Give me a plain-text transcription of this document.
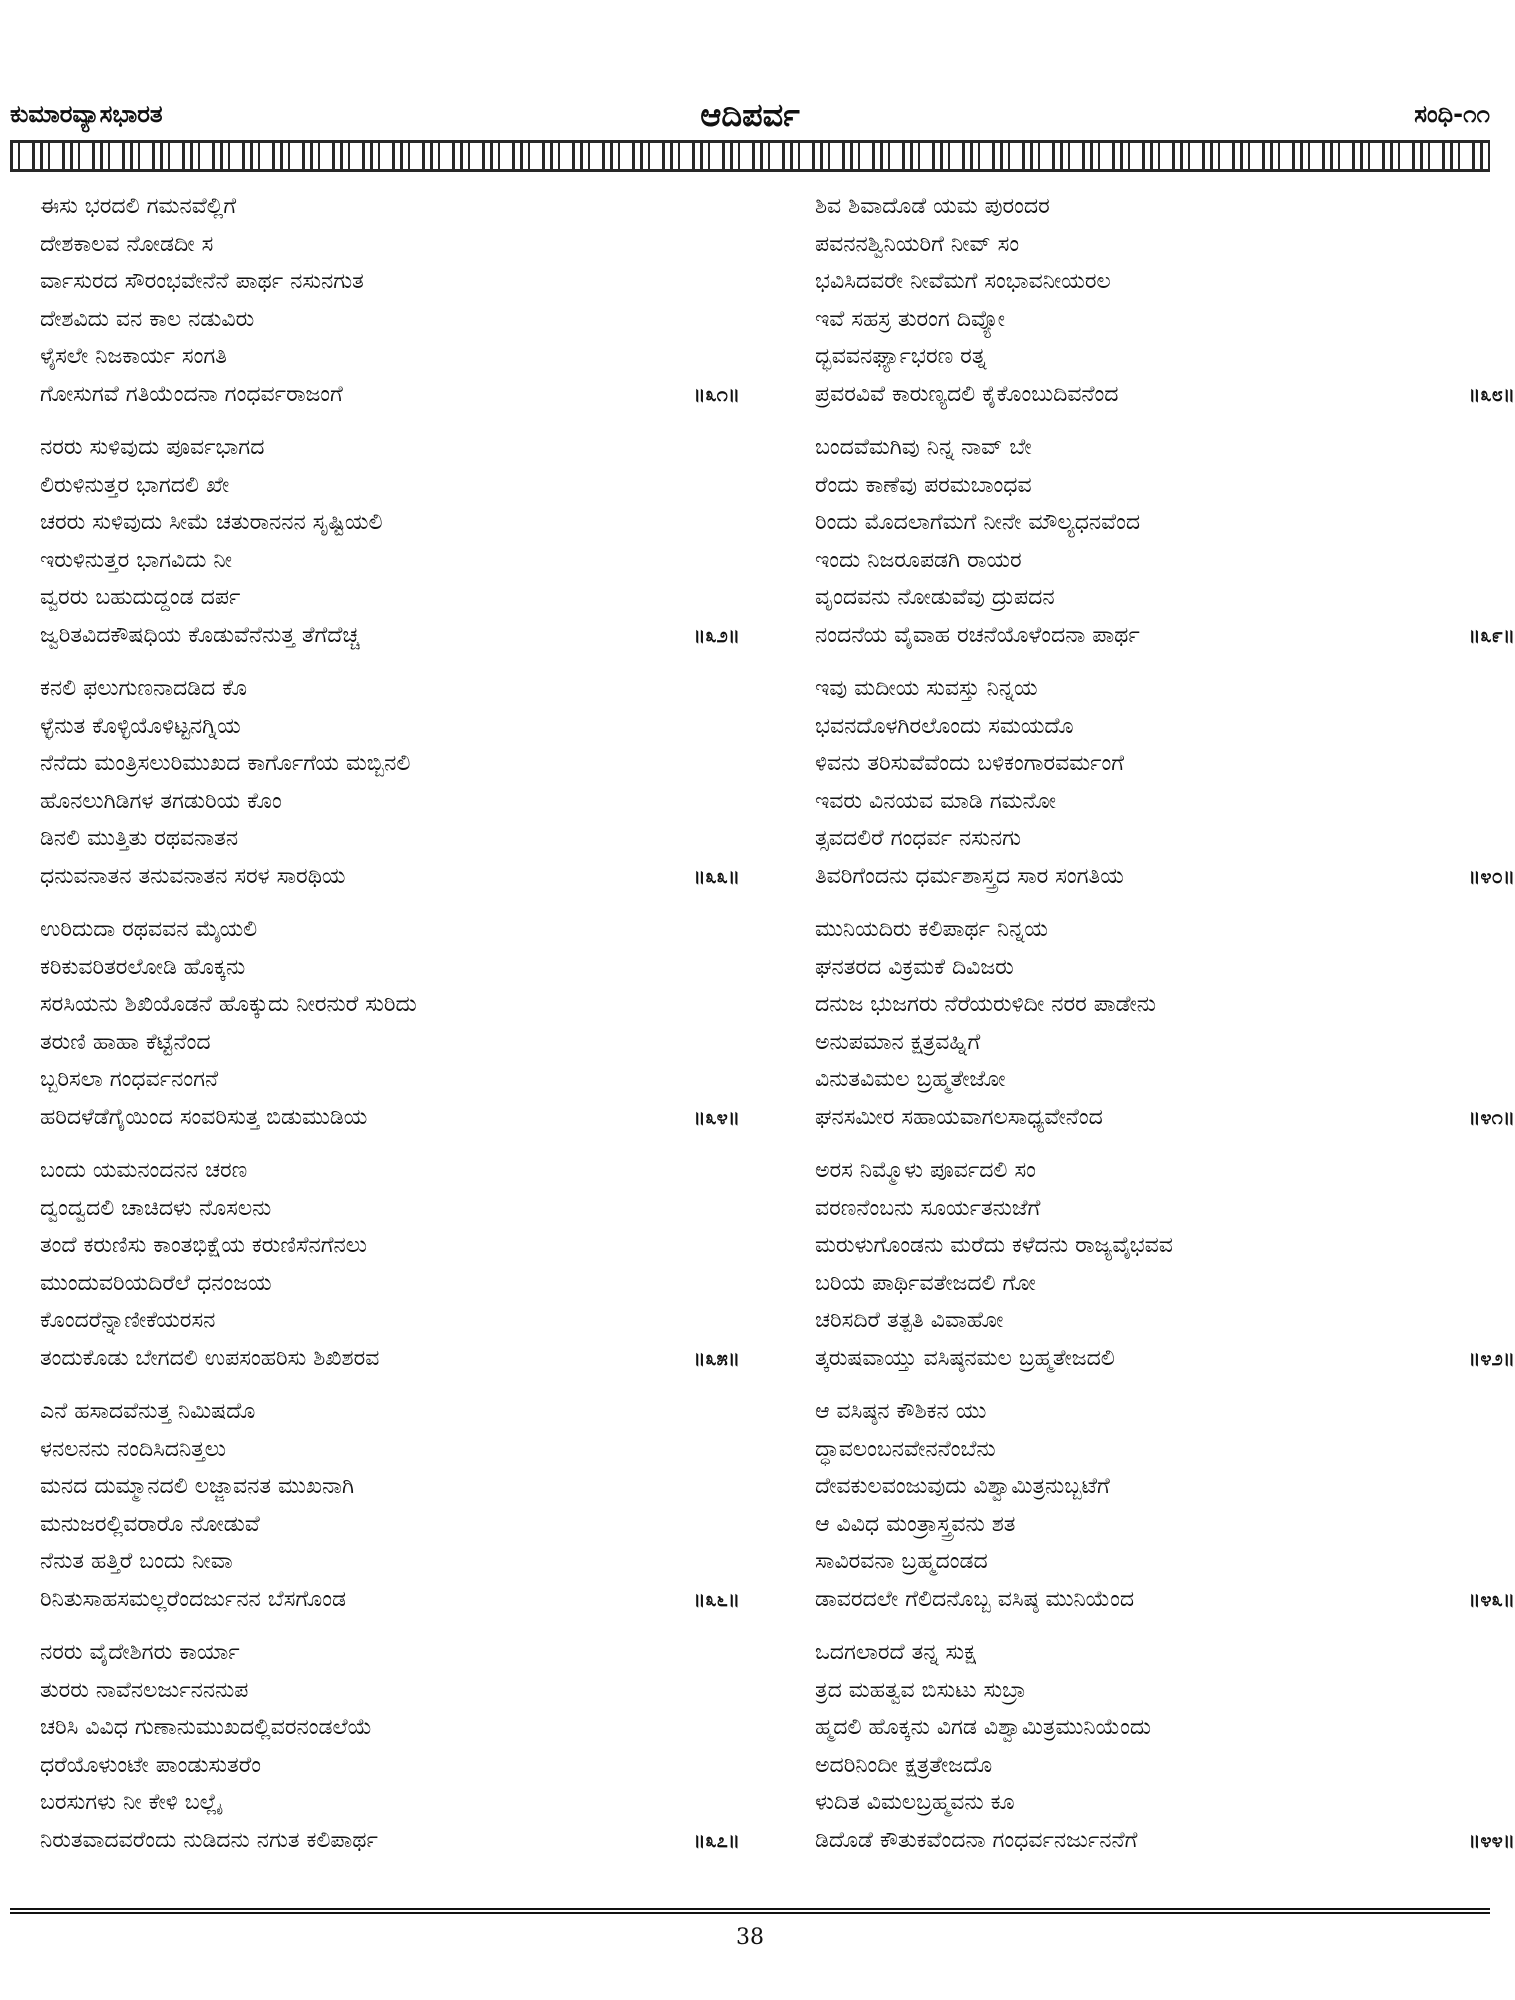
ಕುಮಾರವ್ಯಾಸಭಾರತ	ಆದಿಪರ್ವ	ಸಂಧಿ-೧೧
ಈಸು ಭರದಲಿ ಗಮನವೆಲ್ಲಿಗೆ
ದೇಶಕಾಲವ ನೋಡದೀ ಸ
ರ್ವಾಸುರದ ಸೌರಂಭವೇನೆನೆ ಪಾರ್ಥ ನಸುನಗುತ
ದೇಶವಿದು ವನ ಕಾಲ ನಡುವಿರು
ಳೈಸಲೇ ನಿಜಕಾರ್ಯ ಸಂಗತಿ
ಗೋಸುಗವೆ ಗತಿಯೆಂದನಾ ಗಂಧರ್ವರಾಜಂಗೆ	॥೩೧॥
ನರರು ಸುಳಿವುದು ಪೂರ್ವಭಾಗದ
ಲಿರುಳಿನುತ್ತರ ಭಾಗದಲಿ ಖೇ
ಚರರು ಸುಳಿವುದು ಸೀಮೆ ಚತುರಾನನನ ಸೃಷ್ಟಿಯಲಿ
ಇರುಳಿನುತ್ತರ ಭಾಗವಿದು ನೀ
ವ್ವರರು ಬಹುದುದ್ದಂಡ ದರ್ಪ
ಜ್ವರಿತವಿದಕೌಷಧಿಯ ಕೊಡುವೆನೆನುತ್ತ ತೆಗೆದೆಚ್ಚ	॥೩೨॥
ಕನಲಿ ಫಲುಗುಣನಾದಡಿದ ಕೊ
ಳ್ಳೆನುತ ಕೊಳ್ಳಿಯೊಳಿಟ್ಟನಗ್ನಿಯ
ನೆನೆದು ಮಂತ್ರಿಸಲುರಿಮುಖದ ಕಾರ್ಗೊಗೆಯ ಮಬ್ಬಿನಲಿ
ಹೊನಲುಗಿಡಿಗಳ ತಗಡುರಿಯ ಕೊಂ
ಡಿನಲಿ ಮುತ್ತಿತು ರಥವನಾತನ
ಧನುವನಾತನ ತನುವನಾತನ ಸರಳ ಸಾರಥಿಯ	॥೩೩॥
ಉರಿದುದಾ ರಥವವನ ಮೈಯಲಿ
ಕರಿಕುವರಿತರಲೋಡಿ ಹೊಕ್ಕನು
ಸರಸಿಯನು ಶಿಖಿಯೊಡನೆ ಹೊಕ್ಕುದು ನೀರನುರೆ ಸುರಿದು
ತರುಣಿ ಹಾಹಾ ಕೆಟ್ಟೆನೆಂದ
ಬ್ಬರಿಸಲಾ ಗಂಧರ್ವನಂಗನೆ
ಹರಿದಳೆಡೆಗೈಯಿಂದ ಸಂವರಿಸುತ್ತ ಬಿಡುಮುಡಿಯ	॥೩೪॥
ಬಂದು ಯಮನಂದನನ ಚರಣ
ದ್ವಂದ್ವದಲಿ ಚಾಚಿದಳು ನೊಸಲನು
ತಂದೆ ಕರುಣಿಸು ಕಾಂತಭಿಕ್ಷೆಯ ಕರುಣಿಸೆನಗೆನಲು
ಮುಂದುವರಿಯದಿರೆಲೆ ಧನಂಜಯ
ಕೊಂದರೆನ್ನಾಣೀಕೆಯರಸನ
ತಂದುಕೊಡು ಬೇಗದಲಿ ಉಪಸಂಹರಿಸು ಶಿಖಿಶರವ	॥೩೫॥
ಎನೆ ಹಸಾದವೆನುತ್ತ ನಿಮಿಷದೊ
ಳನಲನನು ನಂದಿಸಿದನಿತ್ತಲು
ಮನದ ದುಮ್ಮಾನದಲಿ ಲಜ್ಜಾವನತ ಮುಖನಾಗಿ
ಮನುಜರಲ್ಲಿವರಾರೊ ನೋಡುವೆ
ನೆನುತ ಹತ್ತಿರೆ ಬಂದು ನೀವಾ
ರಿನಿತುಸಾಹಸಮಲ್ಲರೆಂದರ್ಜುನನ ಬೆಸಗೊಂಡ	॥೩೬॥
ನರರು ವೈದೇಶಿಗರು ಕಾರ್ಯಾ
ತುರರು ನಾವೆನಲರ್ಜುನನನುಪ
ಚರಿಸಿ ವಿವಿಧ ಗುಣಾನುಮುಖದಲ್ಲಿವರನಂಡಲೆಯೆ
ಧರೆಯೊಳುಂಟೇ ಪಾಂಡುಸುತರೆಂ
ಬರಸುಗಳು ನೀ ಕೇಳಿ ಬಲ್ಲೈ
ನಿರುತವಾದವರೆಂದು ನುಡಿದನು ನಗುತ ಕಲಿಪಾರ್ಥ	॥೩೭॥
ಶಿವ ಶಿವಾದೊಡೆ ಯಮ ಪುರಂದರ
ಪವನನಶ್ವಿನಿಯರಿಗೆ ನೀವ್ ಸಂ
ಭವಿಸಿದವರೇ ನೀವೆಮಗೆ ಸಂಭಾವನೀಯರಲ
ಇವೆ ಸಹಸ್ರ ತುರಂಗ ದಿವ್ಯೋ
ದ್ಭವವನರ್ಘ್ಯಾಭರಣ ರತ್ನ
ಪ್ರವರವಿವೆ ಕಾರುಣ್ಯದಲಿ ಕೈಕೊಂಬುದಿವನೆಂದ	॥೩೮॥
ಬಂದವೆಮಗಿವು ನಿನ್ನ ನಾವ್ ಬೇ
ರೆಂದು ಕಾಣೆವು ಪರಮಬಾಂಧವ
ರಿಂದು ಮೊದಲಾಗೆಮಗೆ ನೀನೇ ಮೌಲ್ಯಧನವೆಂದ
ಇಂದು ನಿಜರೂಪಡಗಿ ರಾಯರ
ವೃಂದವನು ನೋಡುವೆವು ದ್ರುಪದನ
ನಂದನೆಯ ವೈವಾಹ ರಚನೆಯೊಳೆಂದನಾ ಪಾರ್ಥ	॥೩೯॥
ಇವು ಮದೀಯ ಸುವಸ್ತು ನಿನ್ನಯ
ಭವನದೊಳಗಿರಲೊಂದು ಸಮಯದೊ
ಳಿವನು ತರಿಸುವೆವೆಂದು ಬಳಿಕಂಗಾರವರ್ಮಂಗೆ
ಇವರು ವಿನಯವ ಮಾಡಿ ಗಮನೋ
ತ್ಸವದಲಿರೆ ಗಂಧರ್ವ ನಸುನಗು
ತಿವರಿಗೆಂದನು ಧರ್ಮಶಾಸ್ತ್ರದ ಸಾರ ಸಂಗತಿಯ	॥೪೦॥
ಮುನಿಯದಿರು ಕಲಿಪಾರ್ಥ ನಿನ್ನಯ
ಘನತರದ ವಿಕ್ರಮಕೆ ದಿವಿಜರು
ದನುಜ ಭುಜಗರು ನೆರೆಯರುಳಿದೀ ನರರ ಪಾಡೇನು
ಅನುಪಮಾನ ಕ್ಷತ್ರವಹ್ನಿಗೆ
ವಿನುತವಿಮಲ ಬ್ರಹ್ಮತೇಜೋ
ಘನಸಮೀರ ಸಹಾಯವಾಗಲಸಾಧ್ಯವೇನೆಂದ	॥೪೧॥
ಅರಸ ನಿಮ್ಮೊಳು ಪೂರ್ವದಲಿ ಸಂ
ವರಣನೆಂಬನು ಸೂರ್ಯತನುಜೆಗೆ
ಮರುಳುಗೊಂಡನು ಮರೆದು ಕಳೆದನು ರಾಜ್ಯವೈಭವವ
ಬರಿಯ ಪಾರ್ಥಿವತೇಜದಲಿ ಗೋ
ಚರಿಸದಿರೆ ತತ್ಪತಿ ವಿವಾಹೋ
ತ್ಕರುಷವಾಯ್ತು ವಸಿಷ್ಠನಮಲ ಬ್ರಹ್ಮತೇಜದಲಿ	॥೪೨॥
ಆ ವಸಿಷ್ಠನ ಕೌಶಿಕನ ಯು
ದ್ಧಾವಲಂಬನವೇನನೆಂಬೆನು
ದೇವಕುಲವಂಜುವುದು ವಿಶ್ವಾಮಿತ್ರನುಬ್ಬಟೆಗೆ
ಆ ವಿವಿಧ ಮಂತ್ರಾಸ್ತ್ರವನು ಶತ
ಸಾವಿರವನಾ ಬ್ರಹ್ಮದಂಡದ
ಡಾವರದಲೇ ಗೆಲಿದನೊಬ್ಬ ವಸಿಷ್ಠ ಮುನಿಯೆಂದ	॥೪೩॥
ಒದಗಲಾರದೆ ತನ್ನ ಸುಕ್ಷ
ತ್ರದ ಮಹತ್ವವ ಬಿಸುಟು ಸುಬ್ರಾ
ಹ್ಮದಲಿ ಹೊಕ್ಕನು ವಿಗಡ ವಿಶ್ವಾಮಿತ್ರಮುನಿಯೆಂದು
ಅದರಿನಿಂದೀ ಕ್ಷತ್ರತೇಜದೊ
ಳುದಿತ ವಿಮಲಬ್ರಹ್ಮವನು ಕೂ
ಡಿದೊಡೆ ಕೌತುಕವೆಂದನಾ ಗಂಧರ್ವನರ್ಜುನನೆಗೆ	॥೪೪॥
38
